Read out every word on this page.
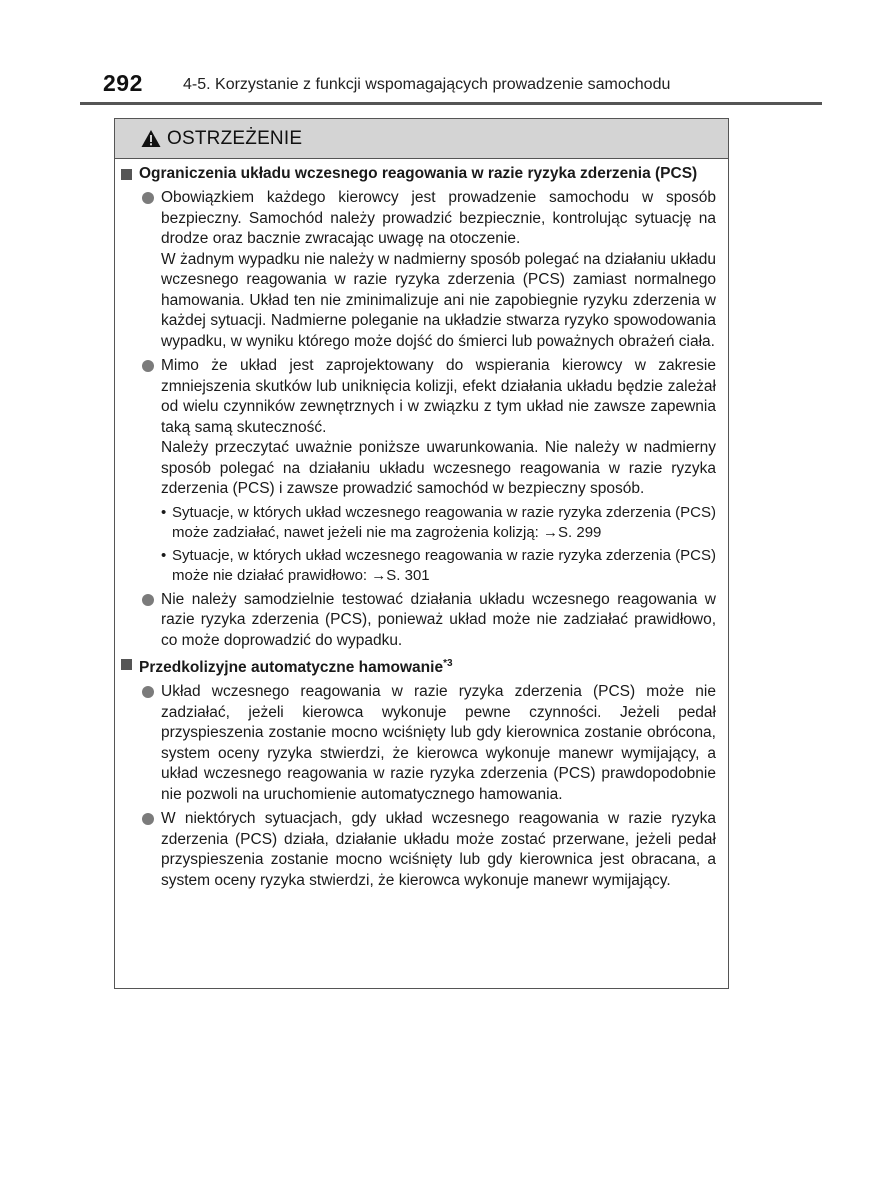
292	4-5. Korzystanie z funkcji wspomagających prowadzenie samochodu
OSTRZEŻENIE
Ograniczenia układu wczesnego reagowania w razie ryzyka zderzenia (PCS)

Obowiązkiem każdego kierowcy jest prowadzenie samochodu w sposób bezpieczny. Samochód należy prowadzić bezpiecznie, kontrolując sytuację na drodze oraz bacznie zwracając uwagę na otoczenie.

W żadnym wypadku nie należy w nadmierny sposób polegać na działaniu układu wczesnego reagowania w razie ryzyka zderzenia (PCS) zamiast normalnego hamowania. Układ ten nie zminimalizuje ani nie zapobiegnie ryzyku zderzenia w każdej sytuacji. Nadmierne poleganie na układzie stwarza ryzyko spowodowania wypadku, w wyniku którego może dojść do śmierci lub poważnych obrażeń ciała.

Mimo że układ jest zaprojektowany do wspierania kierowcy w zakresie zmniejszenia skutków lub uniknięcia kolizji, efekt działania układu będzie zależał od wielu czynników zewnętrznych i w związku z tym układ nie zawsze zapewnia taką samą skuteczność.

Należy przeczytać uważnie poniższe uwarunkowania. Nie należy w nadmierny sposób polegać na działaniu układu wczesnego reagowania w razie ryzyka zderzenia (PCS) i zawsze prowadzić samochód w bezpieczny sposób.

• Sytuacje, w których układ wczesnego reagowania w razie ryzyka zderzenia (PCS) może zadziałać, nawet jeżeli nie ma zagrożenia kolizją: →S. 299
• Sytuacje, w których układ wczesnego reagowania w razie ryzyka zderzenia (PCS) może nie działać prawidłowo: →S. 301

Nie należy samodzielnie testować działania układu wczesnego reagowania w razie ryzyka zderzenia (PCS), ponieważ układ może nie zadziałać prawidłowo, co może doprowadzić do wypadku.

Przedkolizyjne automatyczne hamowanie$^{*3}$

Układ wczesnego reagowania w razie ryzyka zderzenia (PCS) może nie zadziałać, jeżeli kierowca wykonuje pewne czynności. Jeżeli pedał przyspieszenia zostanie mocno wciśnięty lub gdy kierownica zostanie obrócona, system oceny ryzyka stwierdzi, że kierowca wykonuje manewr wymijający, a układ wczesnego reagowania w razie ryzyka zderzenia (PCS) prawdopodobnie nie pozwoli na uruchomienie automatycznego hamowania.

W niektórych sytuacjach, gdy układ wczesnego reagowania w razie ryzyka zderzenia (PCS) działa, działanie układu może zostać przerwane, jeżeli pedał przyspieszenia zostanie mocno wciśnięty lub gdy kierownica jest obracana, a system oceny ryzyka stwierdzi, że kierowca wykonuje manewr wymijający.
